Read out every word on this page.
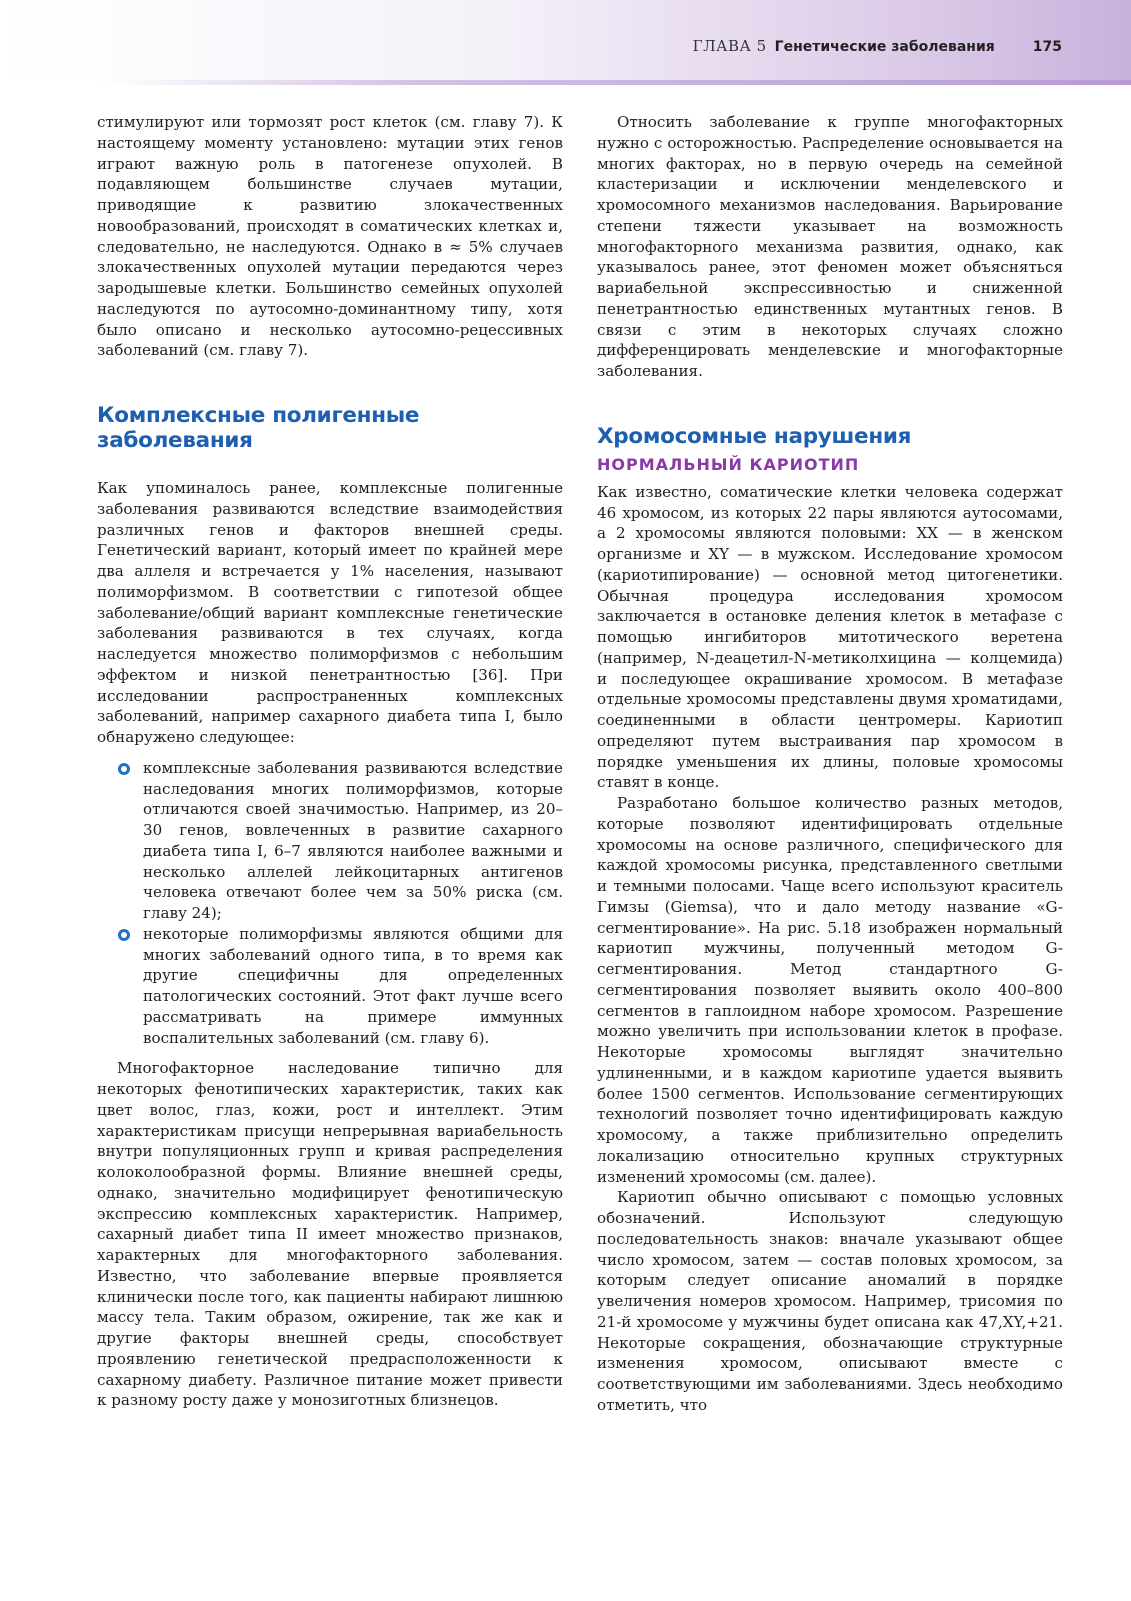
ГЛАВА 5 Генетические заболевания	175

стимулируют или тормозят рост клеток (см. главу 7). К настоящему моменту установлено: мутации этих генов играют важную роль в патогенезе опухолей. В подавляющем большинстве случаев мутации, приводящие к развитию злокачественных новообразований, происходят в соматических клетках и, следовательно, не наследуются. Однако в ≈ 5% случаев злокачественных опухолей мутации передаются через зародышевые клетки. Большинство семейных опухолей наследуются по аутосомно-доминантному типу, хотя было описано и несколько аутосомно-рецессивных заболеваний (см. главу 7).

Комплексные полигенные заболевания

Как упоминалось ранее, комплексные полигенные заболевания развиваются вследствие взаимодействия различных генов и факторов внешней среды. Генетический вариант, который имеет по крайней мере два аллеля и встречается у 1% населения, называют полиморфизмом. В соответствии с гипотезой общее заболевание/общий вариант комплексные генетические заболевания развиваются в тех случаях, когда наследуется множество полиморфизмов с небольшим эффектом и низкой пенетрантностью [36]. При исследовании распространенных комплексных заболеваний, например сахарного диабета типа I, было обнаружено следующее:

комплексные заболевания развиваются вследствие наследования многих полиморфизмов, которые отличаются своей значимостью. Например, из 20–30 генов, вовлеченных в развитие сахарного диабета типа I, 6–7 являются наиболее важными и несколько аллелей лейкоцитарных антигенов человека отвечают более чем за 50% риска (см. главу 24);
некоторые полиморфизмы являются общими для многих заболеваний одного типа, в то время как другие специфичны для определенных патологических состояний. Этот факт лучше всего рассматривать на примере иммунных воспалительных заболеваний (см. главу 6).

Многофакторное наследование типично для некоторых фенотипических характеристик, таких как цвет волос, глаз, кожи, рост и интеллект. Этим характеристикам присущи непрерывная вариабельность внутри популяционных групп и кривая распределения колоколообразной формы. Влияние внешней среды, однако, значительно модифицирует фенотипическую экспрессию комплексных характеристик. Например, сахарный диабет типа II имеет множество признаков, характерных для многофакторного заболевания. Известно, что заболевание впервые проявляется клинически после того, как пациенты набирают лишнюю массу тела. Таким образом, ожирение, так же как и другие факторы внешней среды, способствует проявлению генетической предрасположенности к сахарному диабету. Различное питание может привести к разному росту даже у монозиготных близнецов.

Относить заболевание к группе многофакторных нужно с осторожностью. Распределение основывается на многих факторах, но в первую очередь на семейной кластеризации и исключении менделевского и хромосомного механизмов наследования. Варьирование степени тяжести указывает на возможность многофакторного механизма развития, однако, как указывалось ранее, этот феномен может объясняться вариабельной экспрессивностью и сниженной пенетрантностью единственных мутантных генов. В связи с этим в некоторых случаях сложно дифференцировать менделевские и многофакторные заболевания.

Хромосомные нарушения
НОРМАЛЬНЫЙ КАРИОТИП

Как известно, соматические клетки человека содержат 46 хромосом, из которых 22 пары являются аутосомами, а 2 хромосомы являются половыми: XX — в женском организме и XY — в мужском. Исследование хромосом (кариотипирование) — основной метод цитогенетики. Обычная процедура исследования хромосом заключается в остановке деления клеток в метафазе с помощью ингибиторов митотического веретена (например, N-деацетил-N-метиколхицина — колцемида) и последующее окрашивание хромосом. В метафазе отдельные хромосомы представлены двумя хроматидами, соединенными в области центромеры. Кариотип определяют путем выстраивания пар хромосом в порядке уменьшения их длины, половые хромосомы ставят в конце.

Разработано большое количество разных методов, которые позволяют идентифицировать отдельные хромосомы на основе различного, специфического для каждой хромосомы рисунка, представленного светлыми и темными полосами. Чаще всего используют краситель Гимзы (Giemsa), что и дало методу название «G-сегментирование». На рис. 5.18 изображен нормальный кариотип мужчины, полученный методом G-сегментирования. Метод стандартного G-сегментирования позволяет выявить около 400–800 сегментов в гаплоидном наборе хромосом. Разрешение можно увеличить при использовании клеток в профазе. Некоторые хромосомы выглядят значительно удлиненными, и в каждом кариотипе удается выявить более 1500 сегментов. Использование сегментирующих технологий позволяет точно идентифицировать каждую хромосому, а также приблизительно определить локализацию относительно крупных структурных изменений хромосомы (см. далее).

Кариотип обычно описывают с помощью условных обозначений. Используют следующую последовательность знаков: вначале указывают общее число хромосом, затем — состав половых хромосом, за которым следует описание аномалий в порядке увеличения номеров хромосом. Например, трисомия по 21-й хромосоме у мужчины будет описана как 47,XY,+21. Некоторые сокращения, обозначающие структурные изменения хромосом, описывают вместе с соответствующими им заболеваниями. Здесь необходимо отметить, что
